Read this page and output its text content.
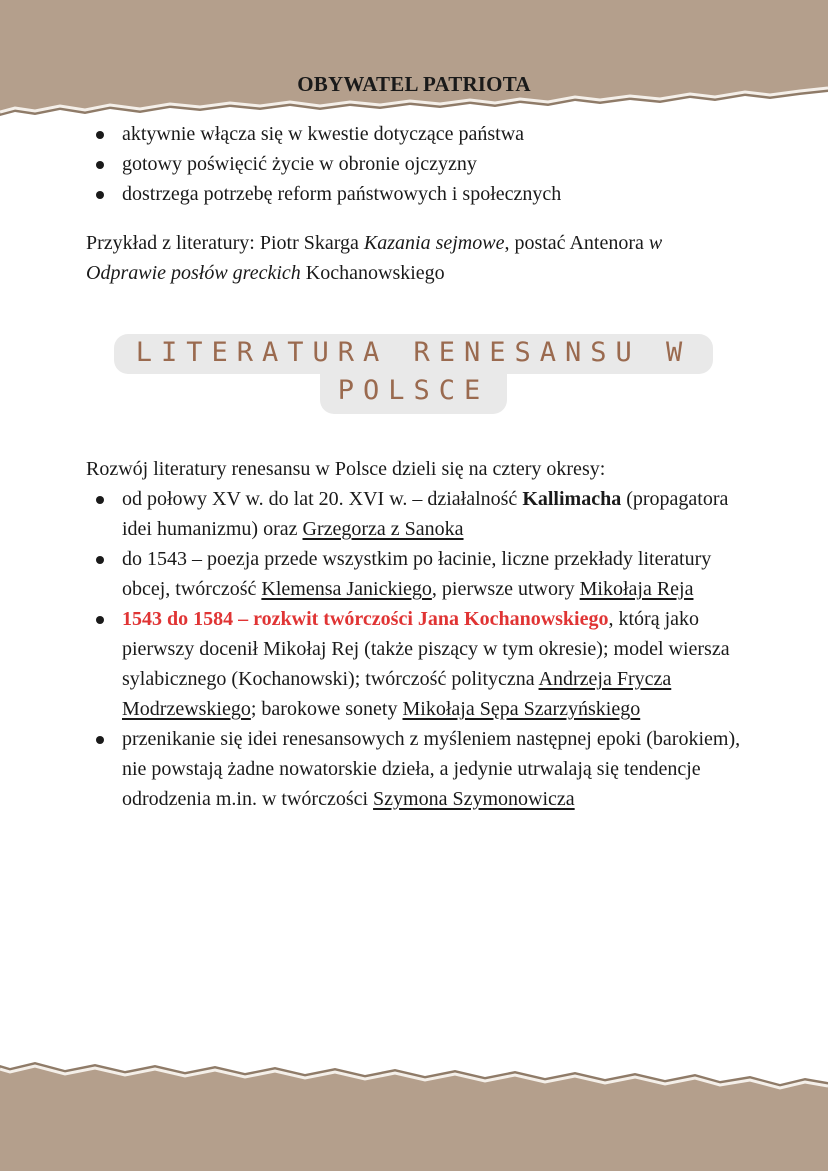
OBYWATEL PATRIOTA
aktywnie włącza się w kwestie dotyczące państwa
gotowy poświęcić życie w obronie ojczyzny
dostrzega potrzebę reform państwowych i społecznych
Przykład z literatury: Piotr Skarga Kazania sejmowe, postać Antenora w Odprawie posłów greckich Kochanowskiego
LITERATURA RENESANSU W
POLSCE
Rozwój literatury renesansu w Polsce dzieli się na cztery okresy:
od połowy XV w. do lat 20. XVI w. – działalność Kallimacha (propagatora idei humanizmu) oraz Grzegorza z Sanoka
do 1543 – poezja przede wszystkim po łacinie, liczne przekłady literatury obcej, twórczość Klemensa Janickiego, pierwsze utwory Mikołaja Reja
1543 do 1584 – rozkwit twórczości Jana Kochanowskiego, którą jako pierwszy docenił Mikołaj Rej (także piszący w tym okresie); model wiersza sylabicznego (Kochanowski); twórczość polityczna Andrzeja Frycza Modrzewskiego; barokowe sonety Mikołaja Sępa Szarzyńskiego
przenikanie się idei renesansowych z myśleniem następnej epoki (barokiem), nie powstają żadne nowatorskie dzieła, a jedynie utrwalają się tendencje odrodzenia m.in. w twórczości Szymona Szymonowicza
